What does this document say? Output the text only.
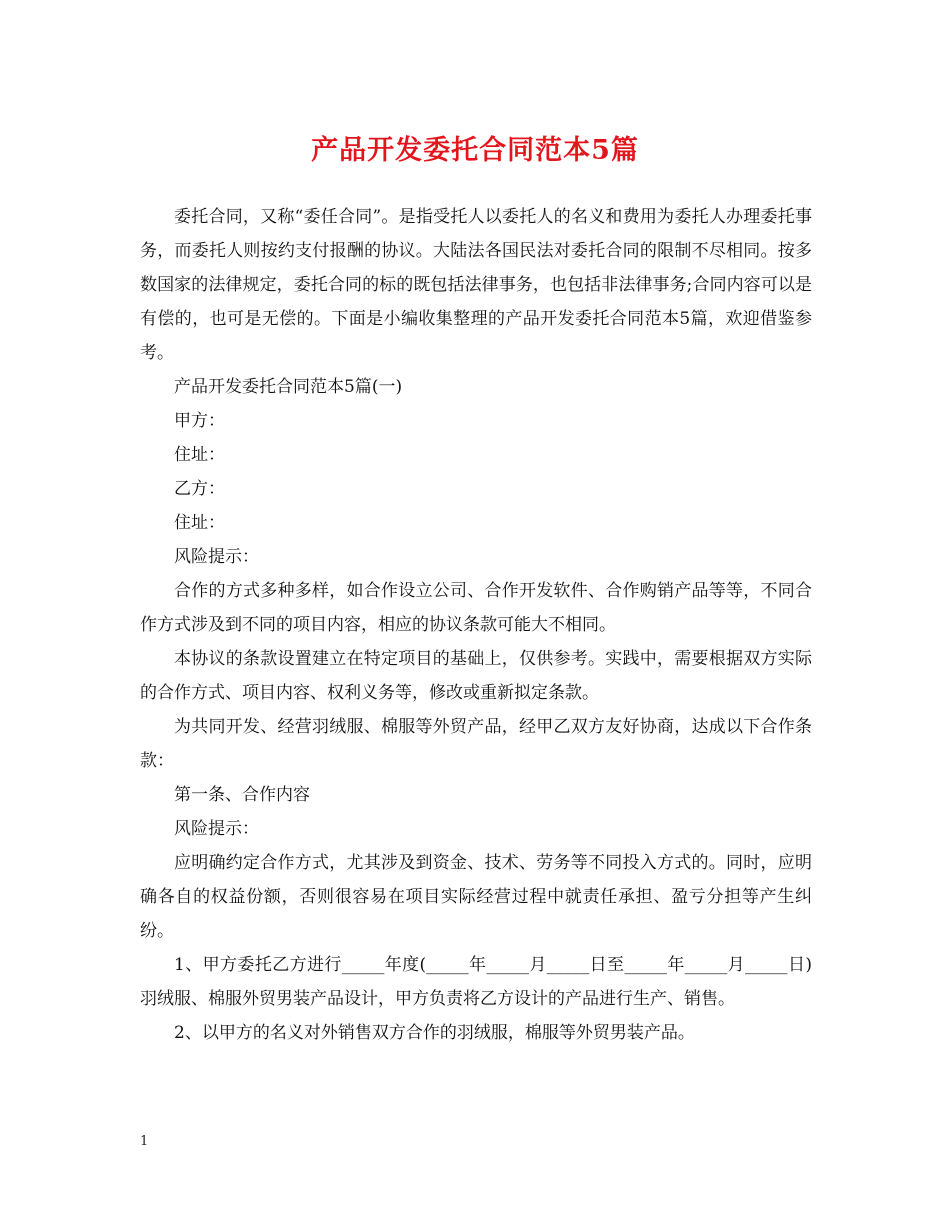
产品开发委托合同范本5篇

委托合同，又称“委任合同”。是指受托人以委托人的名义和费用为委托人办理委托事务，而委托人则按约支付报酬的协议。大陆法各国民法对委托合同的限制不尽相同。按多数国家的法律规定，委托合同的标的既包括法律事务，也包括非法律事务;合同内容可以是有偿的，也可是无偿的。下面是小编收集整理的产品开发委托合同范本5篇，欢迎借鉴参考。

产品开发委托合同范本5篇(一)

甲方：

住址：

乙方：

住址：

风险提示：

合作的方式多种多样，如合作设立公司、合作开发软件、合作购销产品等等，不同合作方式涉及到不同的项目内容，相应的协议条款可能大不相同。

本协议的条款设置建立在特定项目的基础上，仅供参考。实践中，需要根据双方实际的合作方式、项目内容、权利义务等，修改或重新拟定条款。

为共同开发、经营羽绒服、棉服等外贸产品，经甲乙双方友好协商，达成以下合作条款：

第一条、合作内容

风险提示：

应明确约定合作方式，尤其涉及到资金、技术、劳务等不同投入方式的。同时，应明确各自的权益份额，否则很容易在项目实际经营过程中就责任承担、盈亏分担等产生纠纷。

1、甲方委托乙方进行_____年度(_____年_____月_____日至_____年_____月_____日)羽绒服、棉服外贸男装产品设计，甲方负责将乙方设计的产品进行生产、销售。

2、以甲方的名义对外销售双方合作的羽绒服，棉服等外贸男装产品。

1
